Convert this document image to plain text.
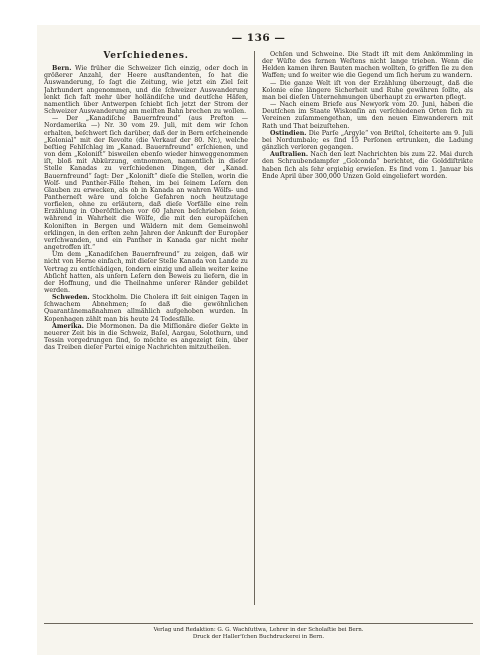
— 136 —
Verſchiedenes.

Bern. Wie früher die Schweizer ſich einzig, oder doch in größerer Anzahl, der Heere ausſtandenten, ſo hat die Auswanderung, ſo ſagt die Zeitung, wie jetzt ein Ziel ſeit Jahrhundert angenommen, und die ſchweizer Auswanderung lenkt ſich faſt mehr über holländiſche und deutſche Häfen, namentlich über Antwerpen ſchiebt ſich jetzt der Strom der Schweizer Auswanderung am meiſten Bahn brechen zu wollen.

— Der „Kanadiſche Bauernfreund“ (aus Preſton — Nordamerika —) Nr. 30 vom 29. Juli, mit dem wir ſchon erhalten, beſchwert ſich darüber, daß der in Bern erſcheinende „Kolonial“ mit der Revolte (die Verkauf der 80. Nr.), welche beſtieg Fehlſchlag im „Kanad. Bauernfreund“ erſchienen, und von dem „Koloniſt“ bisweilen ebenſo wieder hinweggenommen iſt, bloß mit Abkürzung, entnommen, namentlich in dieſer Stelle Kanadas zu verſchiedenen Dingen, der „Kanad. Bauernfreund“ ſagt: Der „Koloniſt“ dieſe die Stellen, worin die Wolf- und Panther-Fälle ſtehen, im bei ſeinem Leſern den Glauben zu erwecken, als ob in Kanada an wahren Wölfs- und Pantherneſt wäre und ſolche Gefahren noch heutzutage vorfielen, ohne zu erläutern, daß dieſe Vorfälle eine rein Erzählung in Oberöſtlichen vor 60 Jahren beſchrieben ſeien, während in Wahrheit die Wölfe, die mit den europäiſchen Koloniſten in Bergen und Wäldern mit dem Gemeinwohl erklingen, in den erſten zehn Jahren der Ankunft der Europäer verſchwanden, und ein Panther in Kanada gar nicht mehr angetroffen iſt.“

Um dem „Kanadiſchen Bauernfreund“ zu zeigen, daß wir nicht von Herne einfach, mit dieſer Stelle Kanada von Lande zu Vertrag zu entſchädigen, ſondern einzig und allein weiter keine Abſicht hatten, als unſern Leſern den Beweis zu liefern, die in der Hoffnung, und die Theilnahme unſerer Ränder gebildet werden.

Schweden. Stockholm. Die Cholera iſt ſeit einigen Tagen in ſchwachem Abnehmen; ſo daß die gewöhnlichen Quarantänemaßnahmen allmählich aufgehoben wurden. In Kopenhagen zählt man bis heute 24 Todesfälle.

Amerika. Die Mormonen. Da die Miſſionäre dieſer Gekte in neuerer Zeit bis in die Schweiz, Baſel, Aargau, Solothurn, und Tessin vorgedrungen ſind, ſo möchte es angezeigt ſein, über das Treiben dieſer Partei einige Nachrichten mitzutheilen.

Ochſen und Schweine. Die Stadt iſt mit dem Ankömmling in der Wüſte des fernen Weſtens nicht lange trieben. Wenn die Helden kamen ihren Bauten machen wollten, ſo griffen ſie zu den Waffen; und ſo weiter wie die Gegend um ſich herum zu wandern.

— Die ganze Welt iſt von der Erzählung überzeugt, daß die Kolonie eine längere Sicherheit und Ruhe gewähren ſollte, als man bei dieſen Unternehmungen überhaupt zu erwarten pflegt.

— Nach einem Briefe aus Newyork vom 20. Juni, haben die Deutſchen im Staate Wiskonſin an verſchiedenen Orten ſich zu Vereinen zuſammengethan, um den neuen Einwanderern mit Rath und That beizuſtehen.

Ostindien. Die Parſe „Argyle“ von Briſtol, ſcheiterte am 9. Juli bei Nordumbalo; es ſind 15 Perſonen ertrunken, die Ladung gänzlich verloren gegangen.

Auſtralien. Nach den lezt Nachrichten bis zum 22. Mai durch den Schraubendampfer „Golconda“ berichtet, die Golddiſtrikte haben ſich als ſehr ergiebig erwieſen. Es ſind vom 1. Januar bis Ende April über 300,000 Unzen Gold eingeliefert worden.

Verlag und Redaktion: G. G. Wachſuttwa, Lehrer in der Scholaſtie bei Bern.
Druck der Haller'ſchen Buchdruckerei in Bern.
